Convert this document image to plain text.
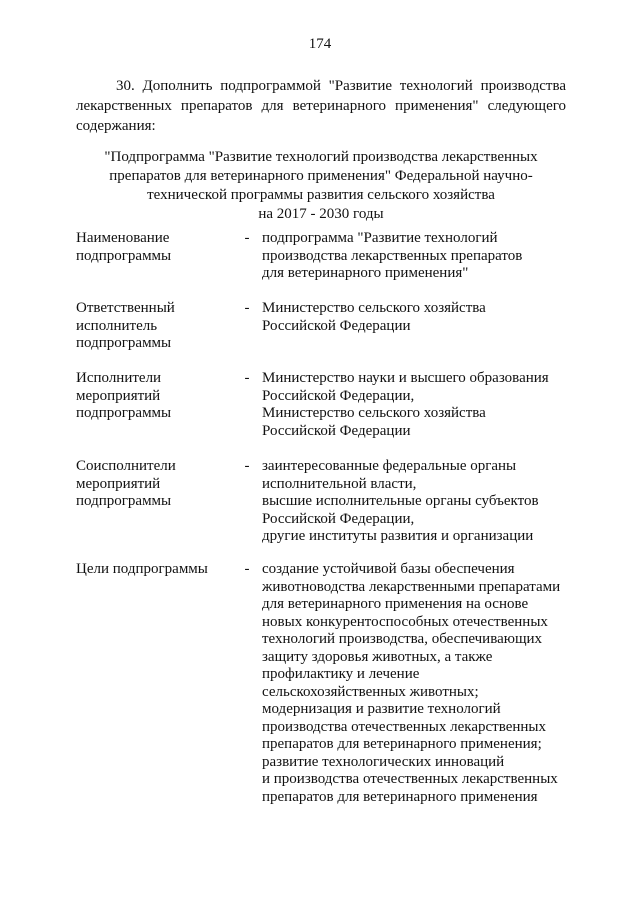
174
30. Дополнить подпрограммой "Развитие технологий производства
лекарственных препаратов для ветеринарного применения" следующего
содержания:
"Подпрограмма "Развитие технологий производства лекарственных
препаратов для ветеринарного применения" Федеральной научно-
технической программы развития сельского хозяйства
на 2017 - 2030 годы
Наименование
подпрограммы
- подпрограмма "Развитие технологий
производства лекарственных препаратов
для ветеринарного применения"
Ответственный
исполнитель
подпрограммы
- Министерство сельского хозяйства
Российской Федерации
Исполнители
мероприятий
подпрограммы
- Министерство науки и высшего образования
Российской Федерации,
Министерство сельского хозяйства
Российской Федерации
Соисполнители
мероприятий
подпрограммы
- заинтересованные федеральные органы
исполнительной власти,
высшие исполнительные органы субъектов
Российской Федерации,
другие институты развития и организации
Цели подпрограммы	- создание устойчивой базы обеспечения
животноводства лекарственными препаратами
для ветеринарного применения на основе
новых конкурентоспособных отечественных
технологий производства, обеспечивающих
защиту здоровья животных, а также
профилактику и лечение
сельскохозяйственных животных;
модернизация и развитие технологий
производства отечественных лекарственных
препаратов для ветеринарного применения;
развитие технологических инноваций
и производства отечественных лекарственных
препаратов для ветеринарного применения
